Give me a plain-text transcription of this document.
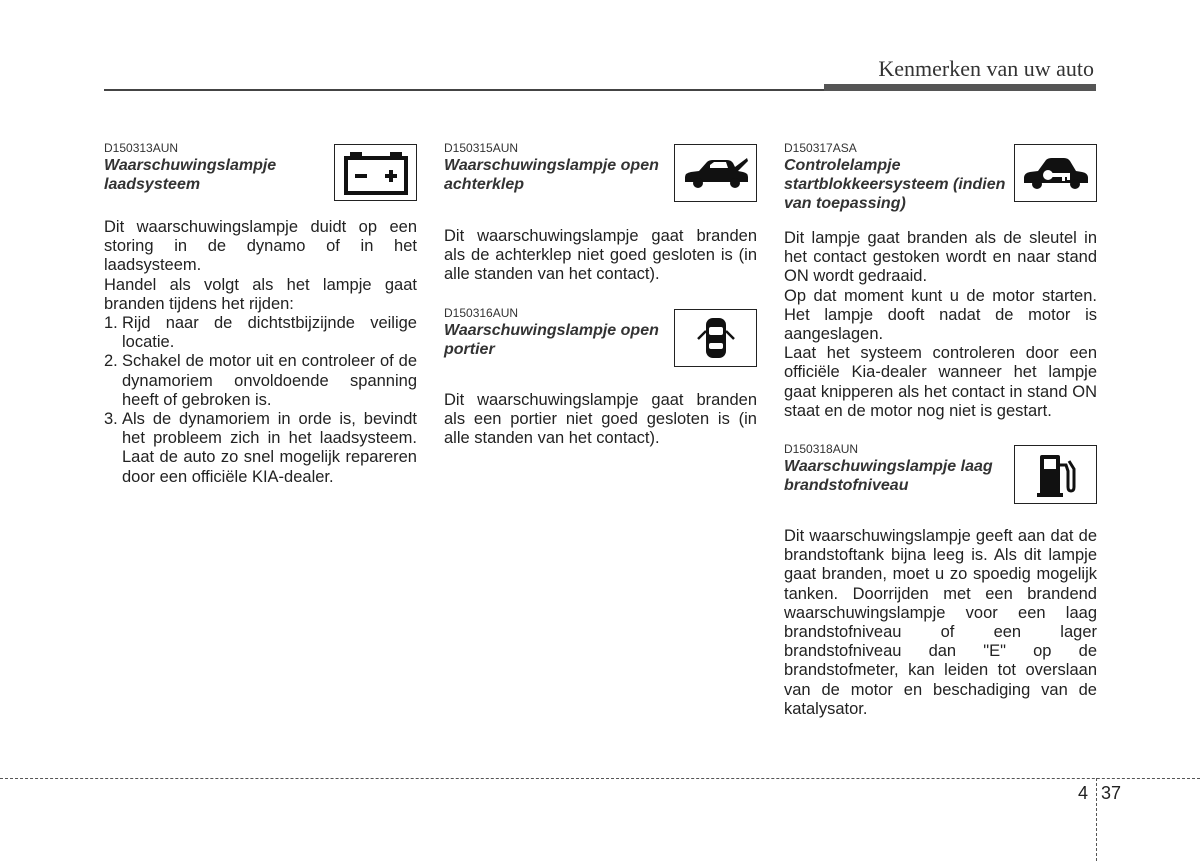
Kenmerken van uw auto
D150313AUN
Waarschuwingslampje laadsysteem

Dit waarschuwingslampje duidt op een storing in de dynamo of in het laadsysteem.

Handel als volgt als het lampje gaat branden tijdens het rijden:

1. Rijd naar de dichtstbijzijnde veilige locatie.
2. Schakel de motor uit en controleer of de dynamoriem onvoldoende spanning heeft of gebroken is.
3. Als de dynamoriem in orde is, bevindt het probleem zich in het laadsysteem. Laat de auto zo snel mogelijk repareren door een officiële KIA-dealer.
D150315AUN
Waarschuwingslampje open achterklep

Dit waarschuwingslampje gaat branden als de achterklep niet goed gesloten is (in alle standen van het contact).

D150316AUN
Waarschuwingslampje open portier

Dit waarschuwingslampje gaat branden als een portier niet goed gesloten is (in alle standen van het contact).

D150317ASA
Controlelampje startblokkeersysteem (indien van toepassing)

Dit lampje gaat branden als de sleutel in het contact gestoken wordt en naar stand ON wordt gedraaid.

Op dat moment kunt u de motor starten. Het lampje dooft nadat de motor is aangeslagen.

Laat het systeem controleren door een officiële Kia-dealer wanneer het lampje gaat knipperen als het contact in stand ON staat en de motor nog niet is gestart.

D150318AUN
Waarschuwingslampje laag brandstofniveau

Dit waarschuwingslampje geeft aan dat de brandstoftank bijna leeg is. Als dit lampje gaat branden, moet u zo spoedig mogelijk tanken. Doorrijden met een brandend waarschuwingslampje voor een laag brandstofniveau of een lager brandstofniveau dan "E" op de brandstofmeter, kan leiden tot overslaan van de motor en beschadiging van de katalysator.

4 37
